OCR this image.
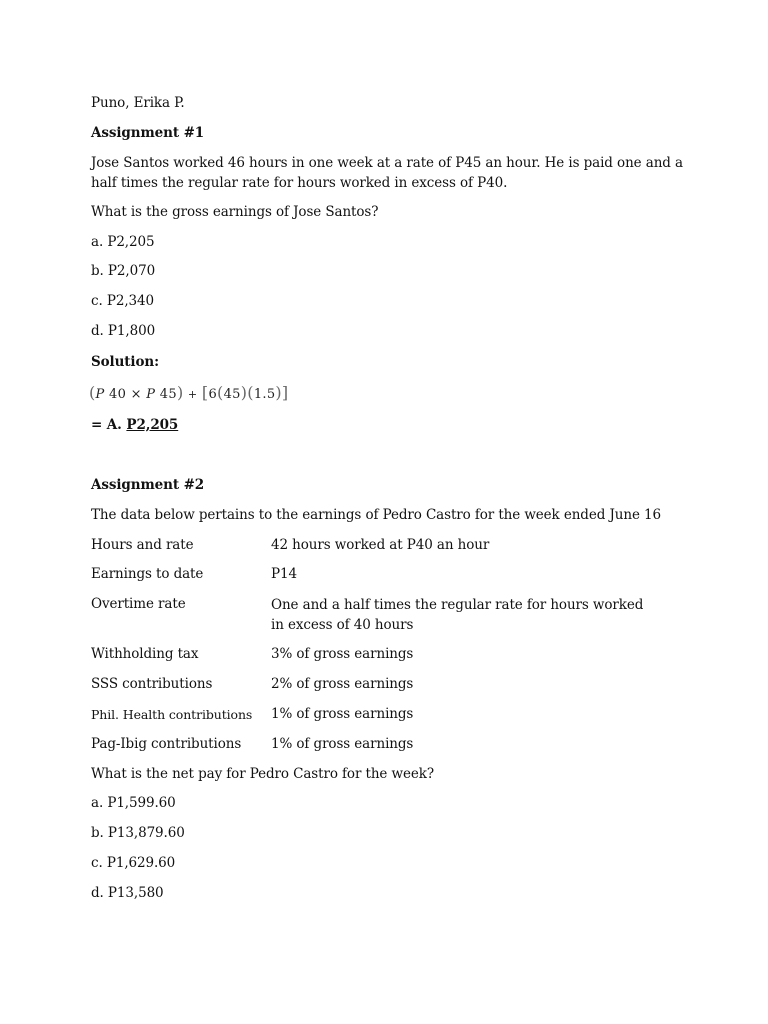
Puno, Erika P.
Assignment #1
Jose Santos worked 46 hours in one week at a rate of P45 an hour. He is paid one and a half times the regular rate for hours worked in excess of P40.
What is the gross earnings of Jose Santos?
a. P2,205
b. P2,070
c. P2,340
d. P1,800
Solution:
(P 40 × P 45) + [6(45)(1.5)]
= A. P2,205
Assignment #2
The data below pertains to the earnings of Pedro Castro for the week ended June 16
Hours and rate	42 hours worked at P40 an hour
Earnings to date	P14
Overtime rate	One and a half times the regular rate for hours worked in excess of 40 hours
Withholding tax	3% of gross earnings
SSS contributions	2% of gross earnings
Phil. Health contributions 1% of gross earnings
Pag-Ibig contributions 1% of gross earnings
What is the net pay for Pedro Castro for the week?
a. P1,599.60
b. P13,879.60
c. P1,629.60
d. P13,580
